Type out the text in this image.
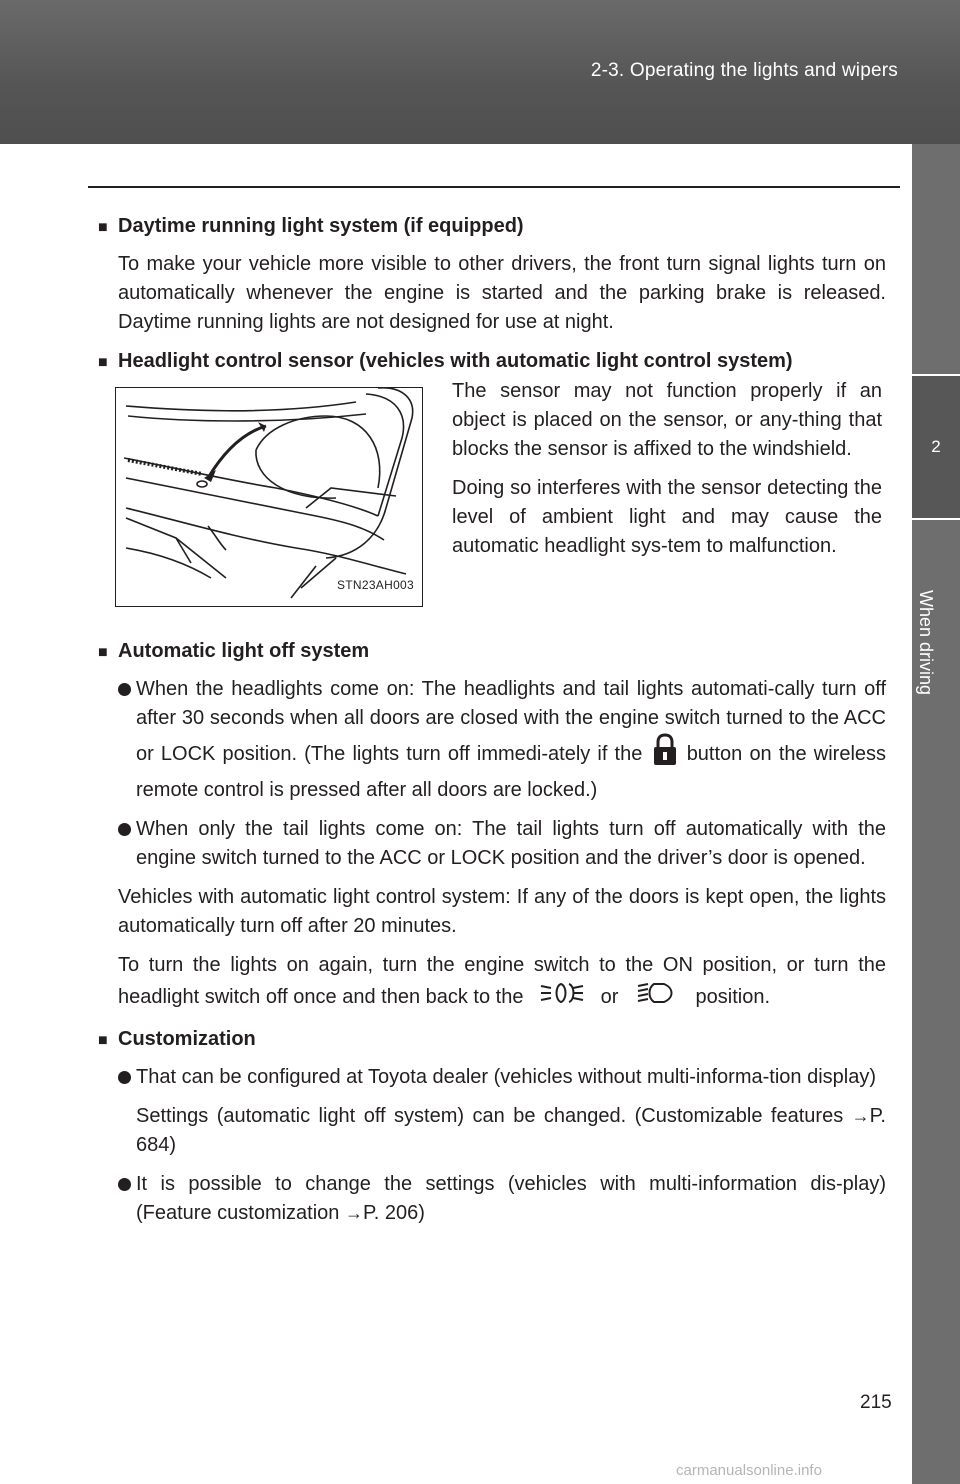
2-3. Operating the lights and wipers
2
When driving
■ Daytime running light system (if equipped)

To make your vehicle more visible to other drivers, the front turn signal lights turn on automatically whenever the engine is started and the parking brake is released. Daytime running lights are not designed for use at night.

■ Headlight control sensor (vehicles with automatic light control system)
STN23AH003

The sensor may not function properly if an object is placed on the sensor, or any-thing that blocks the sensor is affixed to the windshield.

Doing so interferes with the sensor detecting the level of ambient light and may cause the automatic headlight sys-tem to malfunction.

■ Automatic light off system
When the headlights come on: The headlights and tail lights automati-cally turn off after 30 seconds when all doors are closed with the engine switch turned to the ACC or LOCK position. (The lights turn off immedi-ately if the button on the wireless remote control is pressed after all doors are locked.)
When only the tail lights come on: The tail lights turn off automatically with the engine switch turned to the ACC or LOCK position and the driver’s door is opened.

Vehicles with automatic light control system: If any of the doors is kept open, the lights automatically turn off after 20 minutes.

To turn the lights on again, turn the engine switch to the ON position, or turn the headlight switch off once and then back to the	or	position.

■ Customization
That can be configured at Toyota dealer (vehicles without multi-informa-tion display)

Settings (automatic light off system) can be changed. (Customizable features →P. 684)

It is possible to change the settings (vehicles with multi-information dis-play) (Feature customization →P. 206)
215
carmanualsonline.info
